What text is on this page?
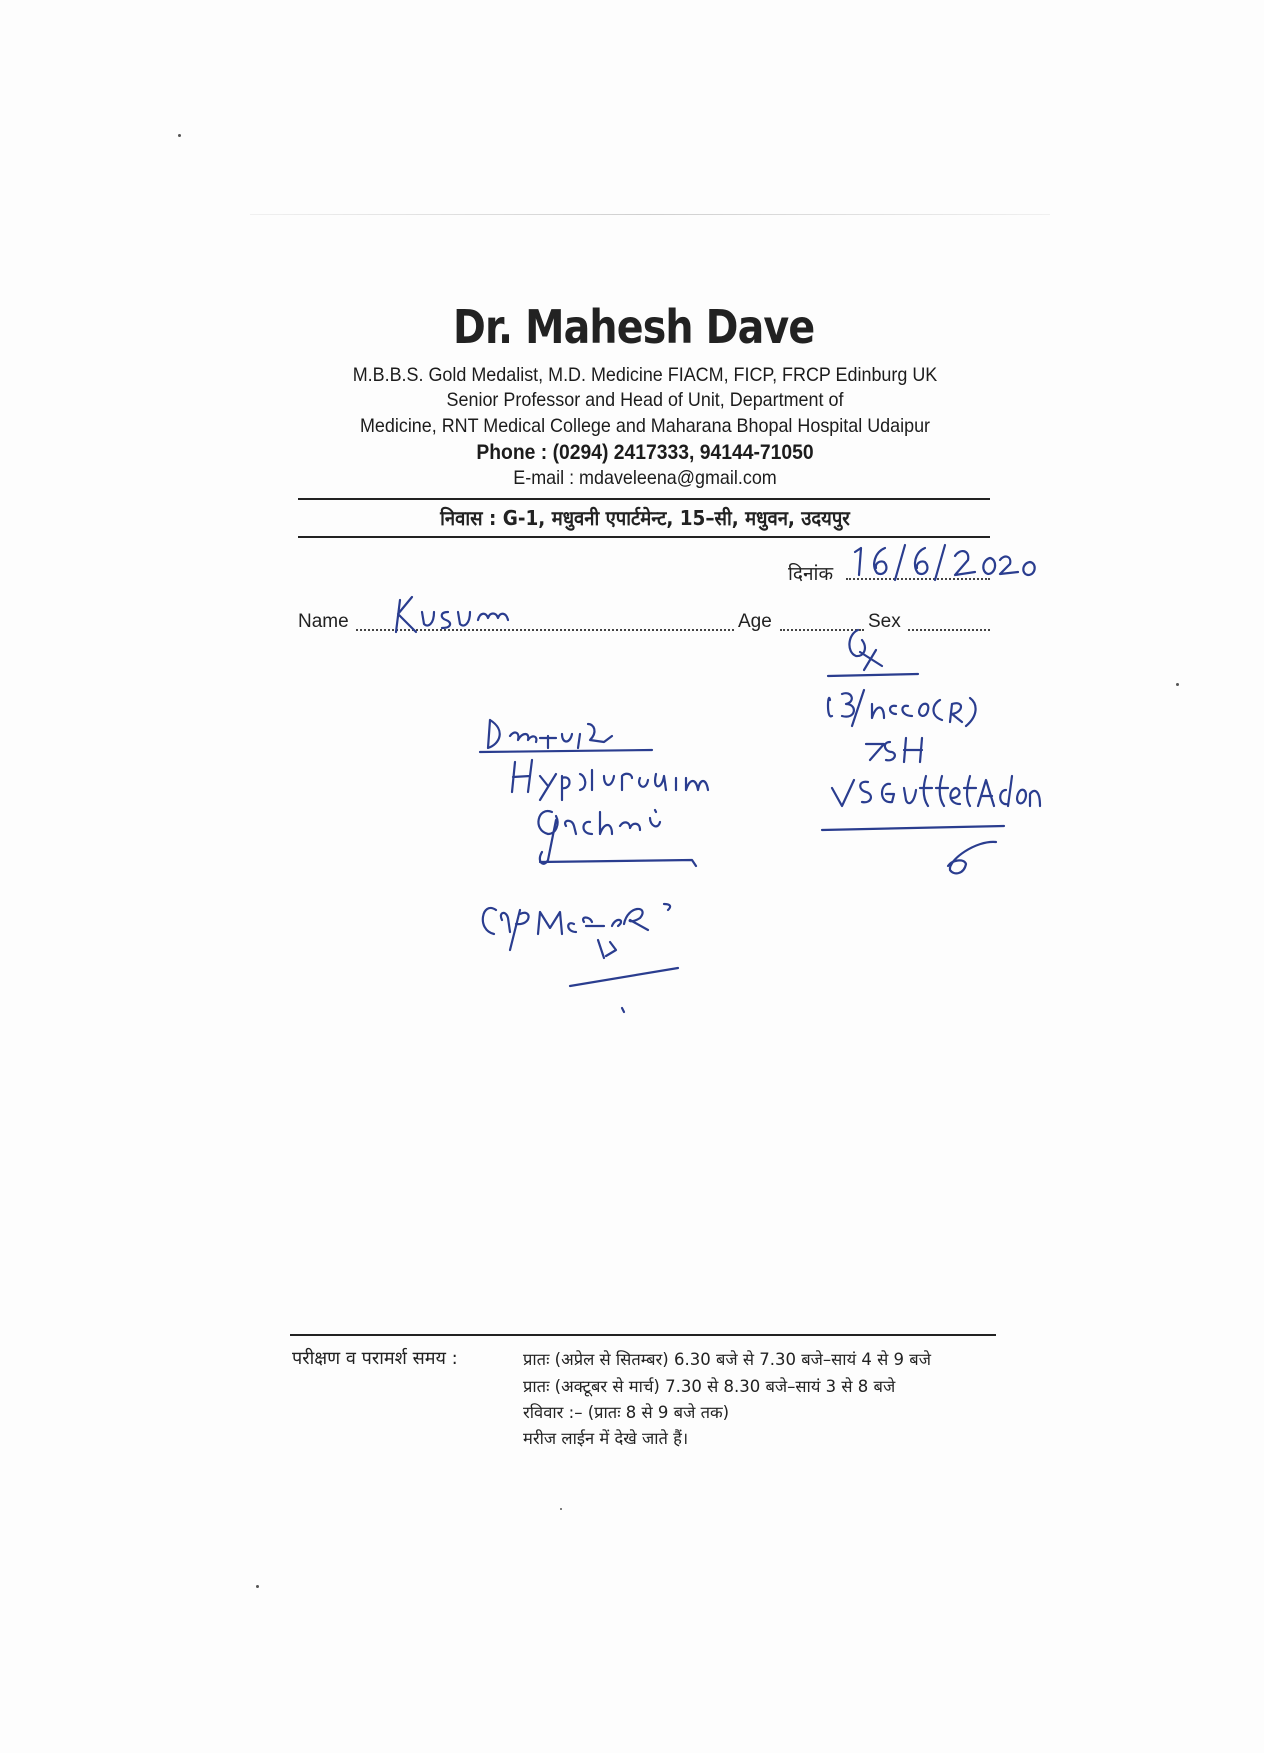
Dr. Mahesh Dave
M.B.B.S. Gold Medalist, M.D. Medicine FIACM, FICP, FRCP Edinburg UK
Senior Professor and Head of Unit, Department of
Medicine, RNT Medical College and Maharana Bhopal Hospital Udaipur
Phone : (0294) 2417333, 94144-71050
E-mail : mdaveleena@gmail.com
निवास : G-1, मधुवनी एपार्टमेन्ट, 15–सी, मधुवन, उदयपुर
दिनांक
Name	Age	Sex
परीक्षण व परामर्श समय :	प्रातः (अप्रेल से सितम्बर) 6.30 बजे से 7.30 बजे–सायं 4 से 9 बजे
प्रातः (अक्टूबर से मार्च) 7.30 से 8.30 बजे–सायं 3 से 8 बजे
रविवार :– (प्रातः 8 से 9 बजे तक)
मरीज लाईन में देखे जाते हैं।
